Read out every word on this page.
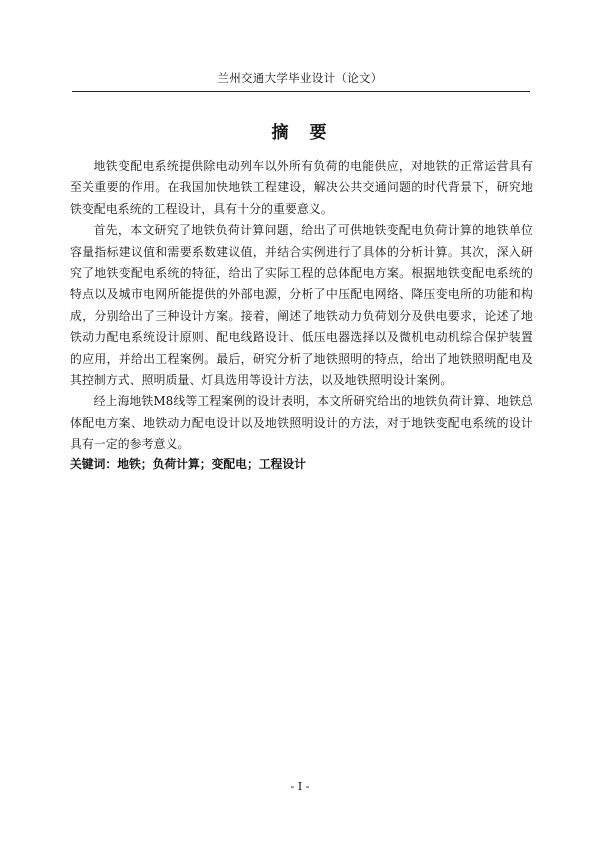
兰州交通大学毕业设计（论文）
摘　要

地铁变配电系统提供除电动列车以外所有负荷的电能供应，对地铁的正常运营具有至关重要的作用。在我国加快地铁工程建设，解决公共交通问题的时代背景下，研究地铁变配电系统的工程设计，具有十分的重要意义。

首先，本文研究了地铁负荷计算问题，给出了可供地铁变配电负荷计算的地铁单位容量指标建议值和需要系数建议值，并结合实例进行了具体的分析计算。其次，深入研究了地铁变配电系统的特征，给出了实际工程的总体配电方案。根据地铁变配电系统的特点以及城市电网所能提供的外部电源，分析了中压配电网络、降压变电所的功能和构成，分别给出了三种设计方案。接着，阐述了地铁动力负荷划分及供电要求，论述了地铁动力配电系统设计原则、配电线路设计、低压电器选择以及微机电动机综合保护装置的应用，并给出工程案例。最后，研究分析了地铁照明的特点，给出了地铁照明配电及其控制方式、照明质量、灯具选用等设计方法，以及地铁照明设计案例。

经上海地铁M8线等工程案例的设计表明，本文所研究给出的地铁负荷计算、地铁总体配电方案、地铁动力配电设计以及地铁照明设计的方法，对于地铁变配电系统的设计具有一定的参考意义。

关键词：地铁；负荷计算；变配电；工程设计
- I -
